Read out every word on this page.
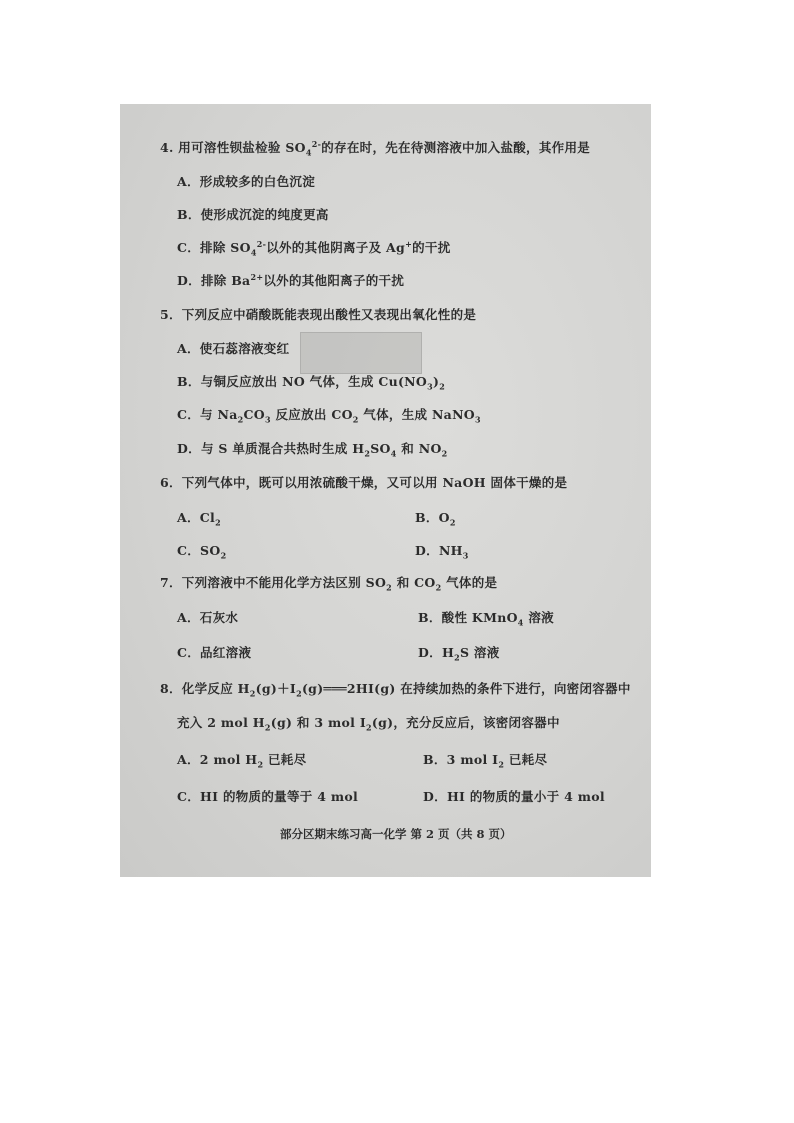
4. 用可溶性钡盐检验 $SO_4^{2-}$的存在时，先在待测溶液中加入盐酸，其作用是
A．形成较多的白色沉淀
B．使形成沉淀的纯度更高
C．排除 $SO_4^{2-}$以外的其他阴离子及 Ag+的干扰
D．排除 $Ba^{2+}$以外的其他阳离子的干扰
5．下列反应中硝酸既能表现出酸性又表现出氧化性的是
A．使石蕊溶液变红
B．与铜反应放出 NO 气体，生成 $Cu(NO_3)_2$
C．与 $Na_2CO_3$ 反应放出 $CO_2$ 气体，生成 NaNO$_3$
D．与 S 单质混合共热时生成 $H_2SO_4$ 和 $NO_2$
6．下列气体中，既可以用浓硫酸干燥，又可以用 NaOH 固体干燥的是
A．$Cl_2$	B．$O_2$
C．$SO_2$	D．$NH_3$
7．下列溶液中不能用化学方法区别 $SO_2$ 和 $CO_2$ 气体的是
A．石灰水	B．酸性 KMnO$_4$ 溶液
C．品红溶液	D．$H_2S$ 溶液
8．化学反应 $H_2(g)+I_2(g)═══2HI(g)$ 在持续加热的条件下进行，向密闭容器中
充入 2 mol $H_2(g)$ 和 3 mol $I_2(g)$，充分反应后，该密闭容器中
A．2 mol $H_2$ 已耗尽	B．3 mol $I_2$ 已耗尽
C．HI 的物质的量等于 4 mol	D．HI 的物质的量小于 4 mol
部分区期末练习高一化学 第 2 页（共 8 页）
